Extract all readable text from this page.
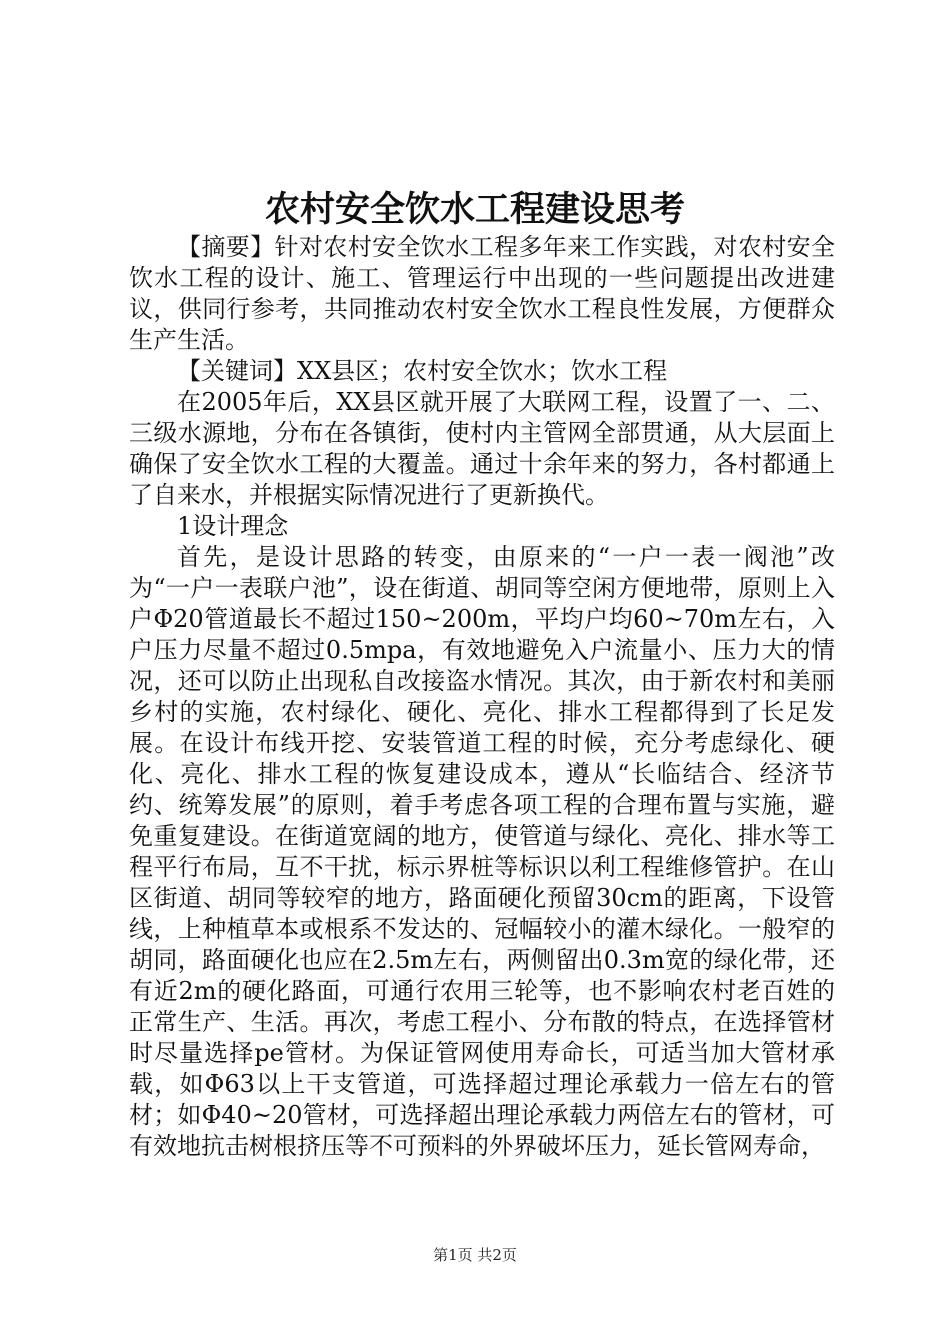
农村安全饮水工程建设思考

【摘要】针对农村安全饮水工程多年来工作实践，对农村安全饮水工程的设计、施工、管理运行中出现的一些问题提出改进建议，供同行参考，共同推动农村安全饮水工程良性发展，方便群众生产生活。

【关键词】XX县区；农村安全饮水；饮水工程

在2005年后，XX县区就开展了大联网工程，设置了一、二、三级水源地，分布在各镇街，使村内主管网全部贯通，从大层面上确保了安全饮水工程的大覆盖。通过十余年来的努力，各村都通上了自来水，并根据实际情况进行了更新换代。

1设计理念

首先，是设计思路的转变，由原来的“一户一表一阀池”改为“一户一表联户池”，设在街道、胡同等空闲方便地带，原则上入户Φ20管道最长不超过150~200m，平均户均60~70m左右，入户压力尽量不超过0.5mpa，有效地避免入户流量小、压力大的情况，还可以防止出现私自改接盗水情况。其次，由于新农村和美丽乡村的实施，农村绿化、硬化、亮化、排水工程都得到了长足发展。在设计布线开挖、安装管道工程的时候，充分考虑绿化、硬化、亮化、排水工程的恢复建设成本，遵从“长临结合、经济节约、统筹发展”的原则，着手考虑各项工程的合理布置与实施，避免重复建设。在街道宽阔的地方，使管道与绿化、亮化、排水等工程平行布局，互不干扰，标示界桩等标识以利工程维修管护。在山区街道、胡同等较窄的地方，路面硬化预留30cm的距离，下设管线，上种植草本或根系不发达的、冠幅较小的灌木绿化。一般窄的胡同，路面硬化也应在2.5m左右，两侧留出0.3m宽的绿化带，还有近2m的硬化路面，可通行农用三轮等，也不影响农村老百姓的正常生产、生活。再次，考虑工程小、分布散的特点，在选择管材时尽量选择pe管材。为保证管网使用寿命长，可适当加大管材承载，如Φ63以上干支管道，可选择超过理论承载力一倍左右的管材；如Φ40~20管材，可选择超出理论承载力两倍左右的管材，可有效地抗击树根挤压等不可预料的外界破坏压力，延长管网寿命，

第1页 共2页
